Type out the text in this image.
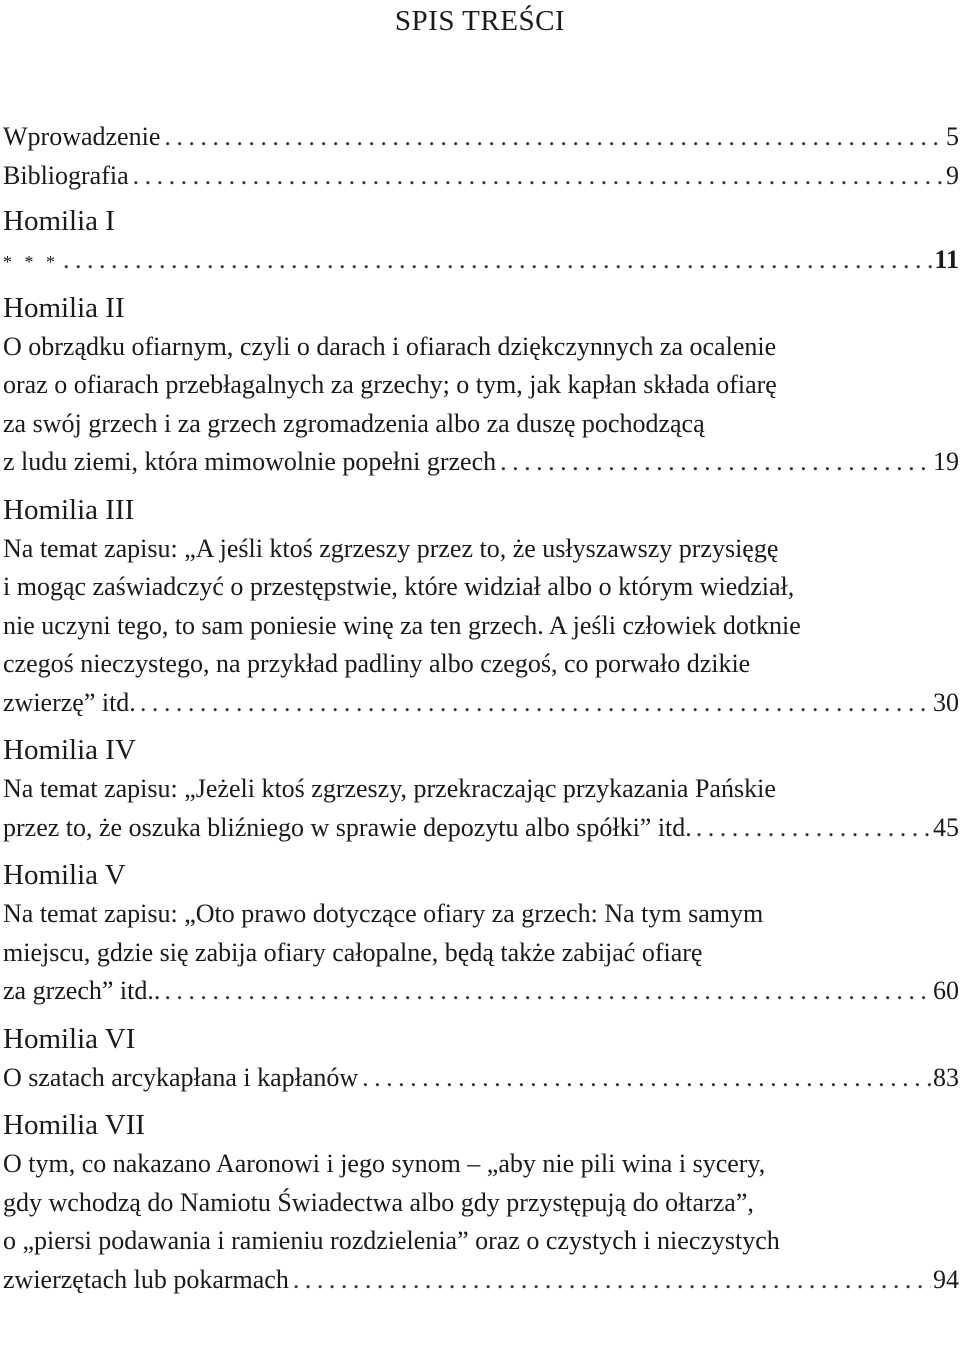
SPIS TREŚCI
Wprowadzenie . . .	5
Bibliografia . . .	9
Homilia I
* * * . . .	11
Homilia II
O obrządku ofiarnym, czyli o darach i ofiarach dziękczynnych za ocalenie
oraz o ofiarach przebłagalnych za grzechy; o tym, jak kapłan składa ofiarę
za swój grzech i za grzech zgromadzenia albo za duszę pochodzącą
z ludu ziemi, która mimowolnie popełni grzech . . .	19
Homilia III
Na temat zapisu: „A jeśli ktoś zgrzeszy przez to, że usłyszawszy przysięgę
i mogąc zaświadczyć o przestępstwie, które widział albo o którym wiedział,
nie uczyni tego, to sam poniesie winę za ten grzech. A jeśli człowiek dotknie
czegoś nieczystego, na przykład padliny albo czegoś, co porwało dzikie
zwierzę” itd. . . .	30
Homilia IV
Na temat zapisu: „Jeżeli ktoś zgrzeszy, przekraczając przykazania Pańskie
przez to, że oszuka bliźniego w sprawie depozytu albo spółki” itd. . . .	45
Homilia V
Na temat zapisu: „Oto prawo dotyczące ofiary za grzech: Na tym samym
miejscu, gdzie się zabija ofiary całopalne, będą także zabijać ofiarę
za grzech” itd.. . . .	60
Homilia VI
O szatach arcykapłana i kapłanów . . .	83
Homilia VII
O tym, co nakazano Aaronowi i jego synom – „aby nie pili wina i sycery,
gdy wchodzą do Namiotu Świadectwa albo gdy przystępują do ołtarza”,
o „piersi podawania i ramieniu rozdzielenia” oraz o czystych i nieczystych
zwierzętach lub pokarmach . . .	94
